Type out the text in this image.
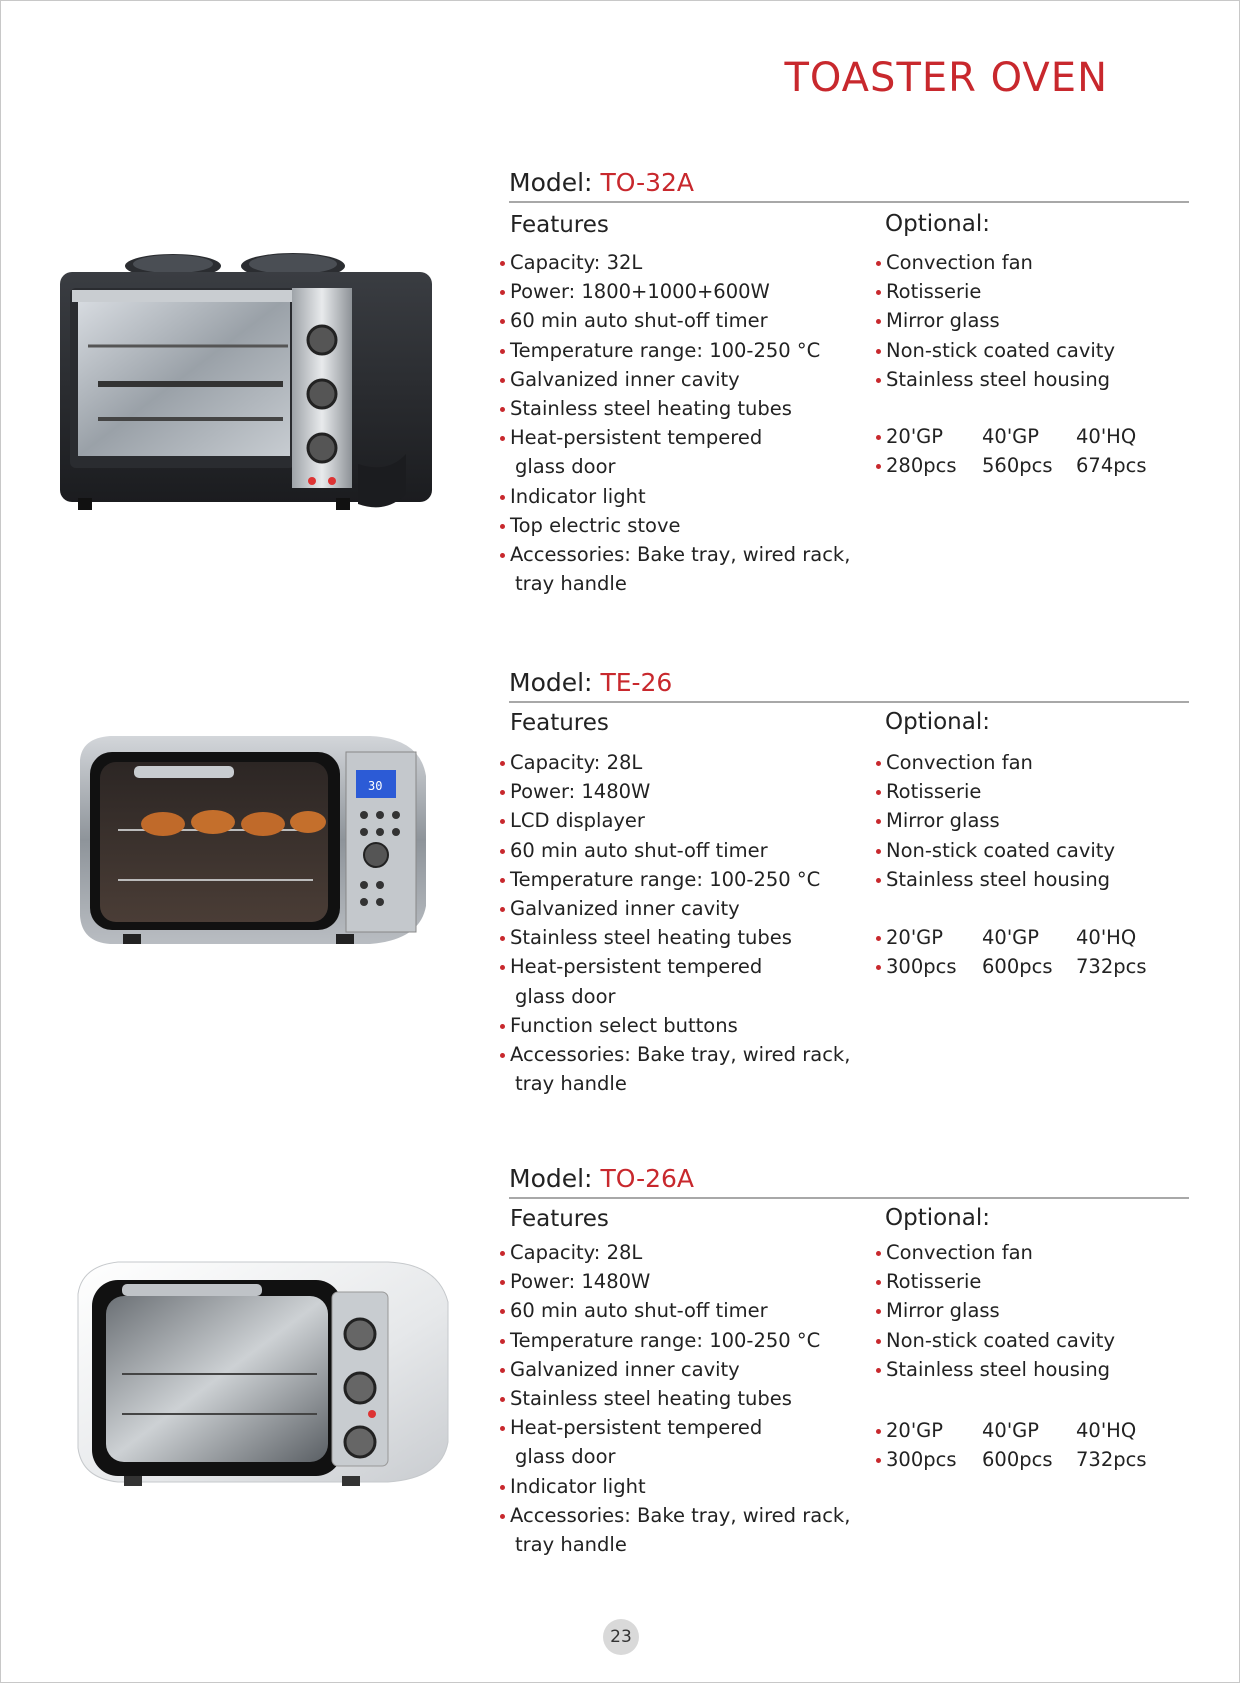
TOASTER OVEN
Model: TO-32A
Features	Optional:
Capacity: 32L
Power: 1800+1000+600W
60 min auto shut-off timer
Temperature range: 100-250 °C
Galvanized inner cavity
Stainless steel heating tubes
Heat-persistent tempered

glass door
Indicator light
Top electric stove
Accessories: Bake tray, wired rack,

tray handle
Convection fan
Rotisserie
Mirror glass
Non-stick coated cavity
Stainless steel housing
20'GP	40'GP	40'HQ
280pcs	560pcs	674pcs
Model: TE-26
Features	Optional:
Capacity: 28L
Power: 1480W
LCD displayer
60 min auto shut-off timer
Temperature range: 100-250 °C
Galvanized inner cavity
Stainless steel heating tubes
Heat-persistent tempered

glass door
Function select buttons
Accessories: Bake tray, wired rack,

tray handle
Convection fan
Rotisserie
Mirror glass
Non-stick coated cavity
Stainless steel housing
20'GP	40'GP	40'HQ
300pcs	600pcs	732pcs
30
Model: TO-26A
Features	Optional:
Capacity: 28L
Power: 1480W
60 min auto shut-off timer
Temperature range: 100-250 °C
Galvanized inner cavity
Stainless steel heating tubes
Heat-persistent tempered

glass door
Indicator light
Accessories: Bake tray, wired rack,

tray handle
Convection fan
Rotisserie
Mirror glass
Non-stick coated cavity
Stainless steel housing
20'GP	40'GP	40'HQ
300pcs	600pcs	732pcs
23
